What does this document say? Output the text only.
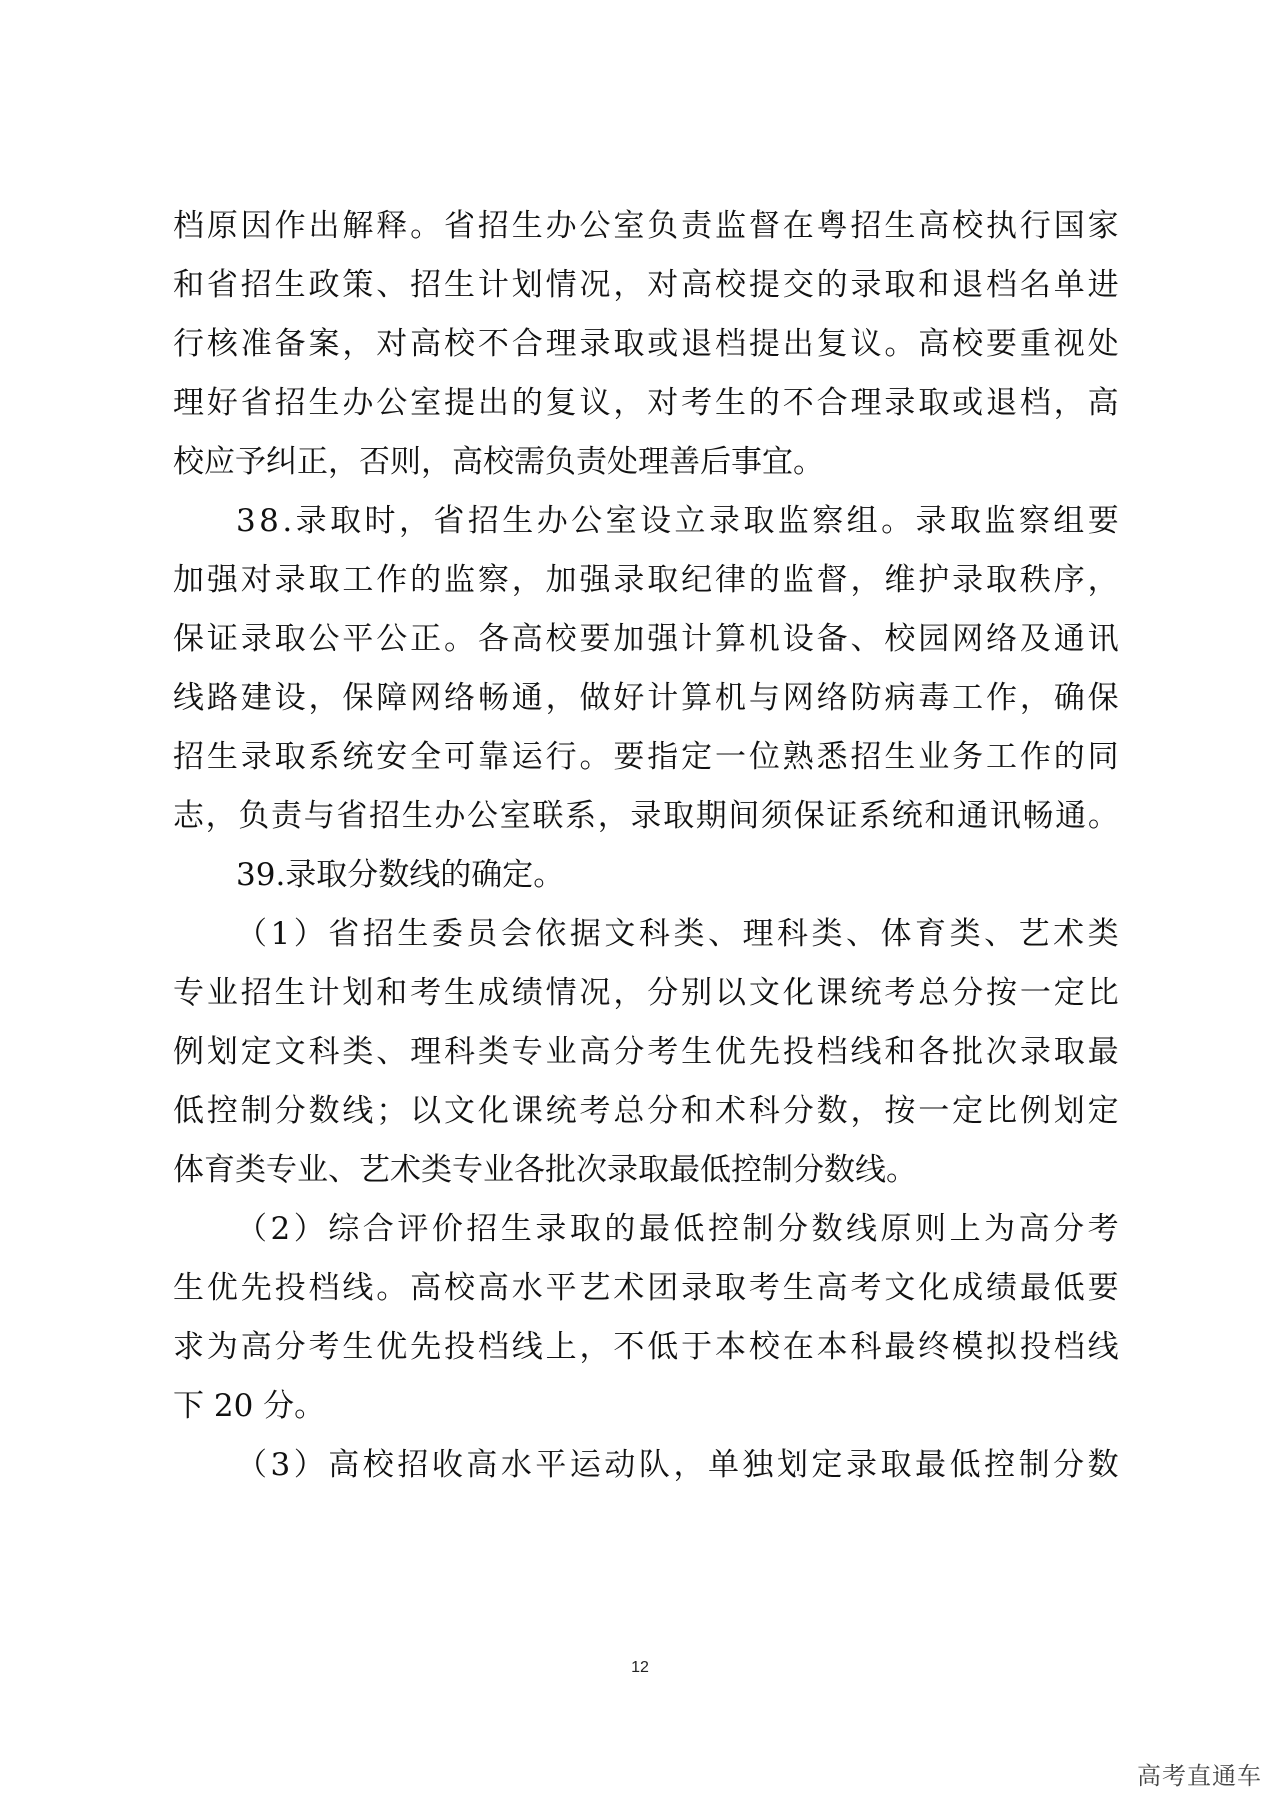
档 原 因 作 出 解 释 。 省 招 生 办 公 室 负 责 监 督 在 粤 招 生 高 校 执 行 国 家
和 省 招 生 政 策 、 招 生 计 划 情 况 ， 对 高 校 提 交 的 录 取 和 退 档 名 单 进
行 核 准 备 案 ， 对 高 校 不 合 理 录 取 或 退 档 提 出 复 议 。 高 校 要 重 视 处
理 好 省 招 生 办 公 室 提 出 的 复 议 ， 对 考 生 的 不 合 理 录 取 或 退 档 ， 高
校应予纠正，否则，高校需负责处理善后事宜。
3 8 . 录 取 时 ， 省 招 生 办 公 室 设 立 录 取 监 察 组 。 录 取 监 察 组 要
加 强 对 录 取 工 作 的 监 察 ， 加 强 录 取 纪 律 的 监 督 ， 维 护 录 取 秩 序 ，
保 证 录 取 公 平 公 正 。 各 高 校 要 加 强 计 算 机 设 备 、 校 园 网 络 及 通 讯
线 路 建 设 ， 保 障 网 络 畅 通 ， 做 好 计 算 机 与 网 络 防 病 毒 工 作 ， 确 保
招 生 录 取 系 统 安 全 可 靠 运 行 。 要 指 定 一 位 熟 悉 招 生 业 务 工 作 的 同
志 ， 负 责 与 省 招 生 办 公 室 联 系 ， 录 取 期 间 须 保 证 系 统 和 通 讯 畅 通 。
39.录取分数线的确定。
（ 1 ） 省 招 生 委 员 会 依 据 文 科 类 、 理 科 类 、 体 育 类 、 艺 术 类
专 业 招 生 计 划 和 考 生 成 绩 情 况 ， 分 别 以 文 化 课 统 考 总 分 按 一 定 比
例 划 定 文 科 类 、 理 科 类 专 业 高 分 考 生 优 先 投 档 线 和 各 批 次 录 取 最
低 控 制 分 数 线 ； 以 文 化 课 统 考 总 分 和 术 科 分 数 ， 按 一 定 比 例 划 定
体育类专业、艺术类专业各批次录取最低控制分数线。
（ 2 ） 综 合 评 价 招 生 录 取 的 最 低 控 制 分 数 线 原 则 上 为 高 分 考
生 优 先 投 档 线 。 高 校 高 水 平 艺 术 团 录 取 考 生 高 考 文 化 成 绩 最 低 要
求 为 高 分 考 生 优 先 投 档 线 上 ， 不 低 于 本 校 在 本 科 最 终 模 拟 投 档 线
下 20 分。
（ 3 ） 高 校 招 收 高 水 平 运 动 队 ， 单 独 划 定 录 取 最 低 控 制 分 数
12
高考直通车
